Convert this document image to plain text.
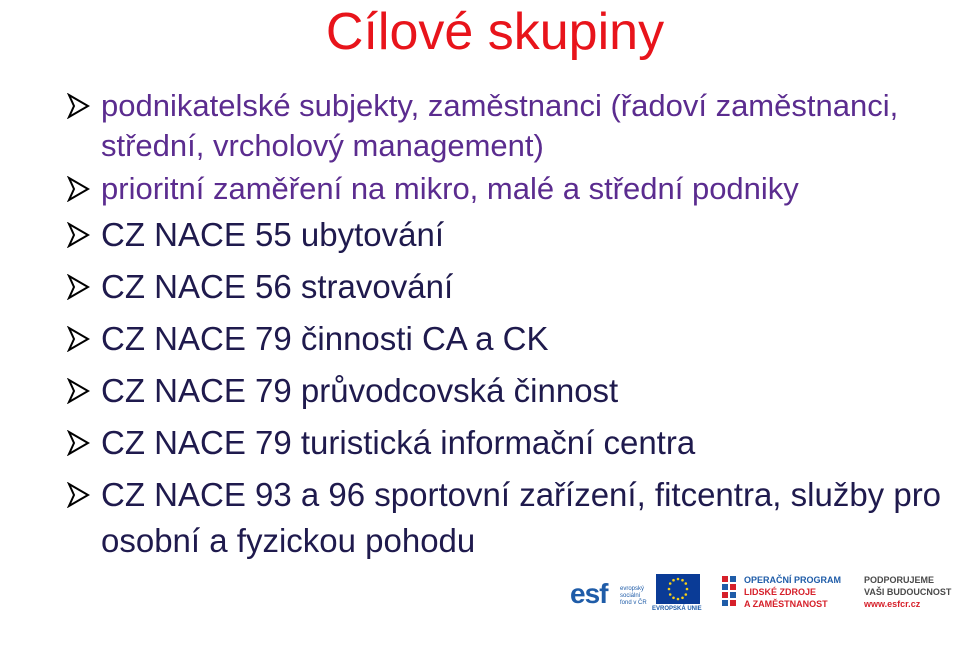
Cílové skupiny
podnikatelské subjekty, zaměstnanci (řadoví zaměstnanci, střední, vrcholový management)
prioritní zaměření na mikro, malé a střední podniky
CZ NACE 55 ubytování
CZ NACE 56 stravování
CZ NACE 79 činnosti CA a CK
CZ NACE 79 průvodcovská činnost
CZ NACE 79 turistická informační centra
CZ NACE 93 a 96 sportovní zařízení, fitcentra, služby pro osobní a fyzickou pohodu
esf evropský sociální fond v ČR
EVROPSKÁ UNIE
OPERAČNÍ PROGRAM
LIDSKÉ ZDROJE
A ZAMĚSTNANOST
PODPORUJEME
VAŠI BUDOUCNOST
www.esfcr.cz
